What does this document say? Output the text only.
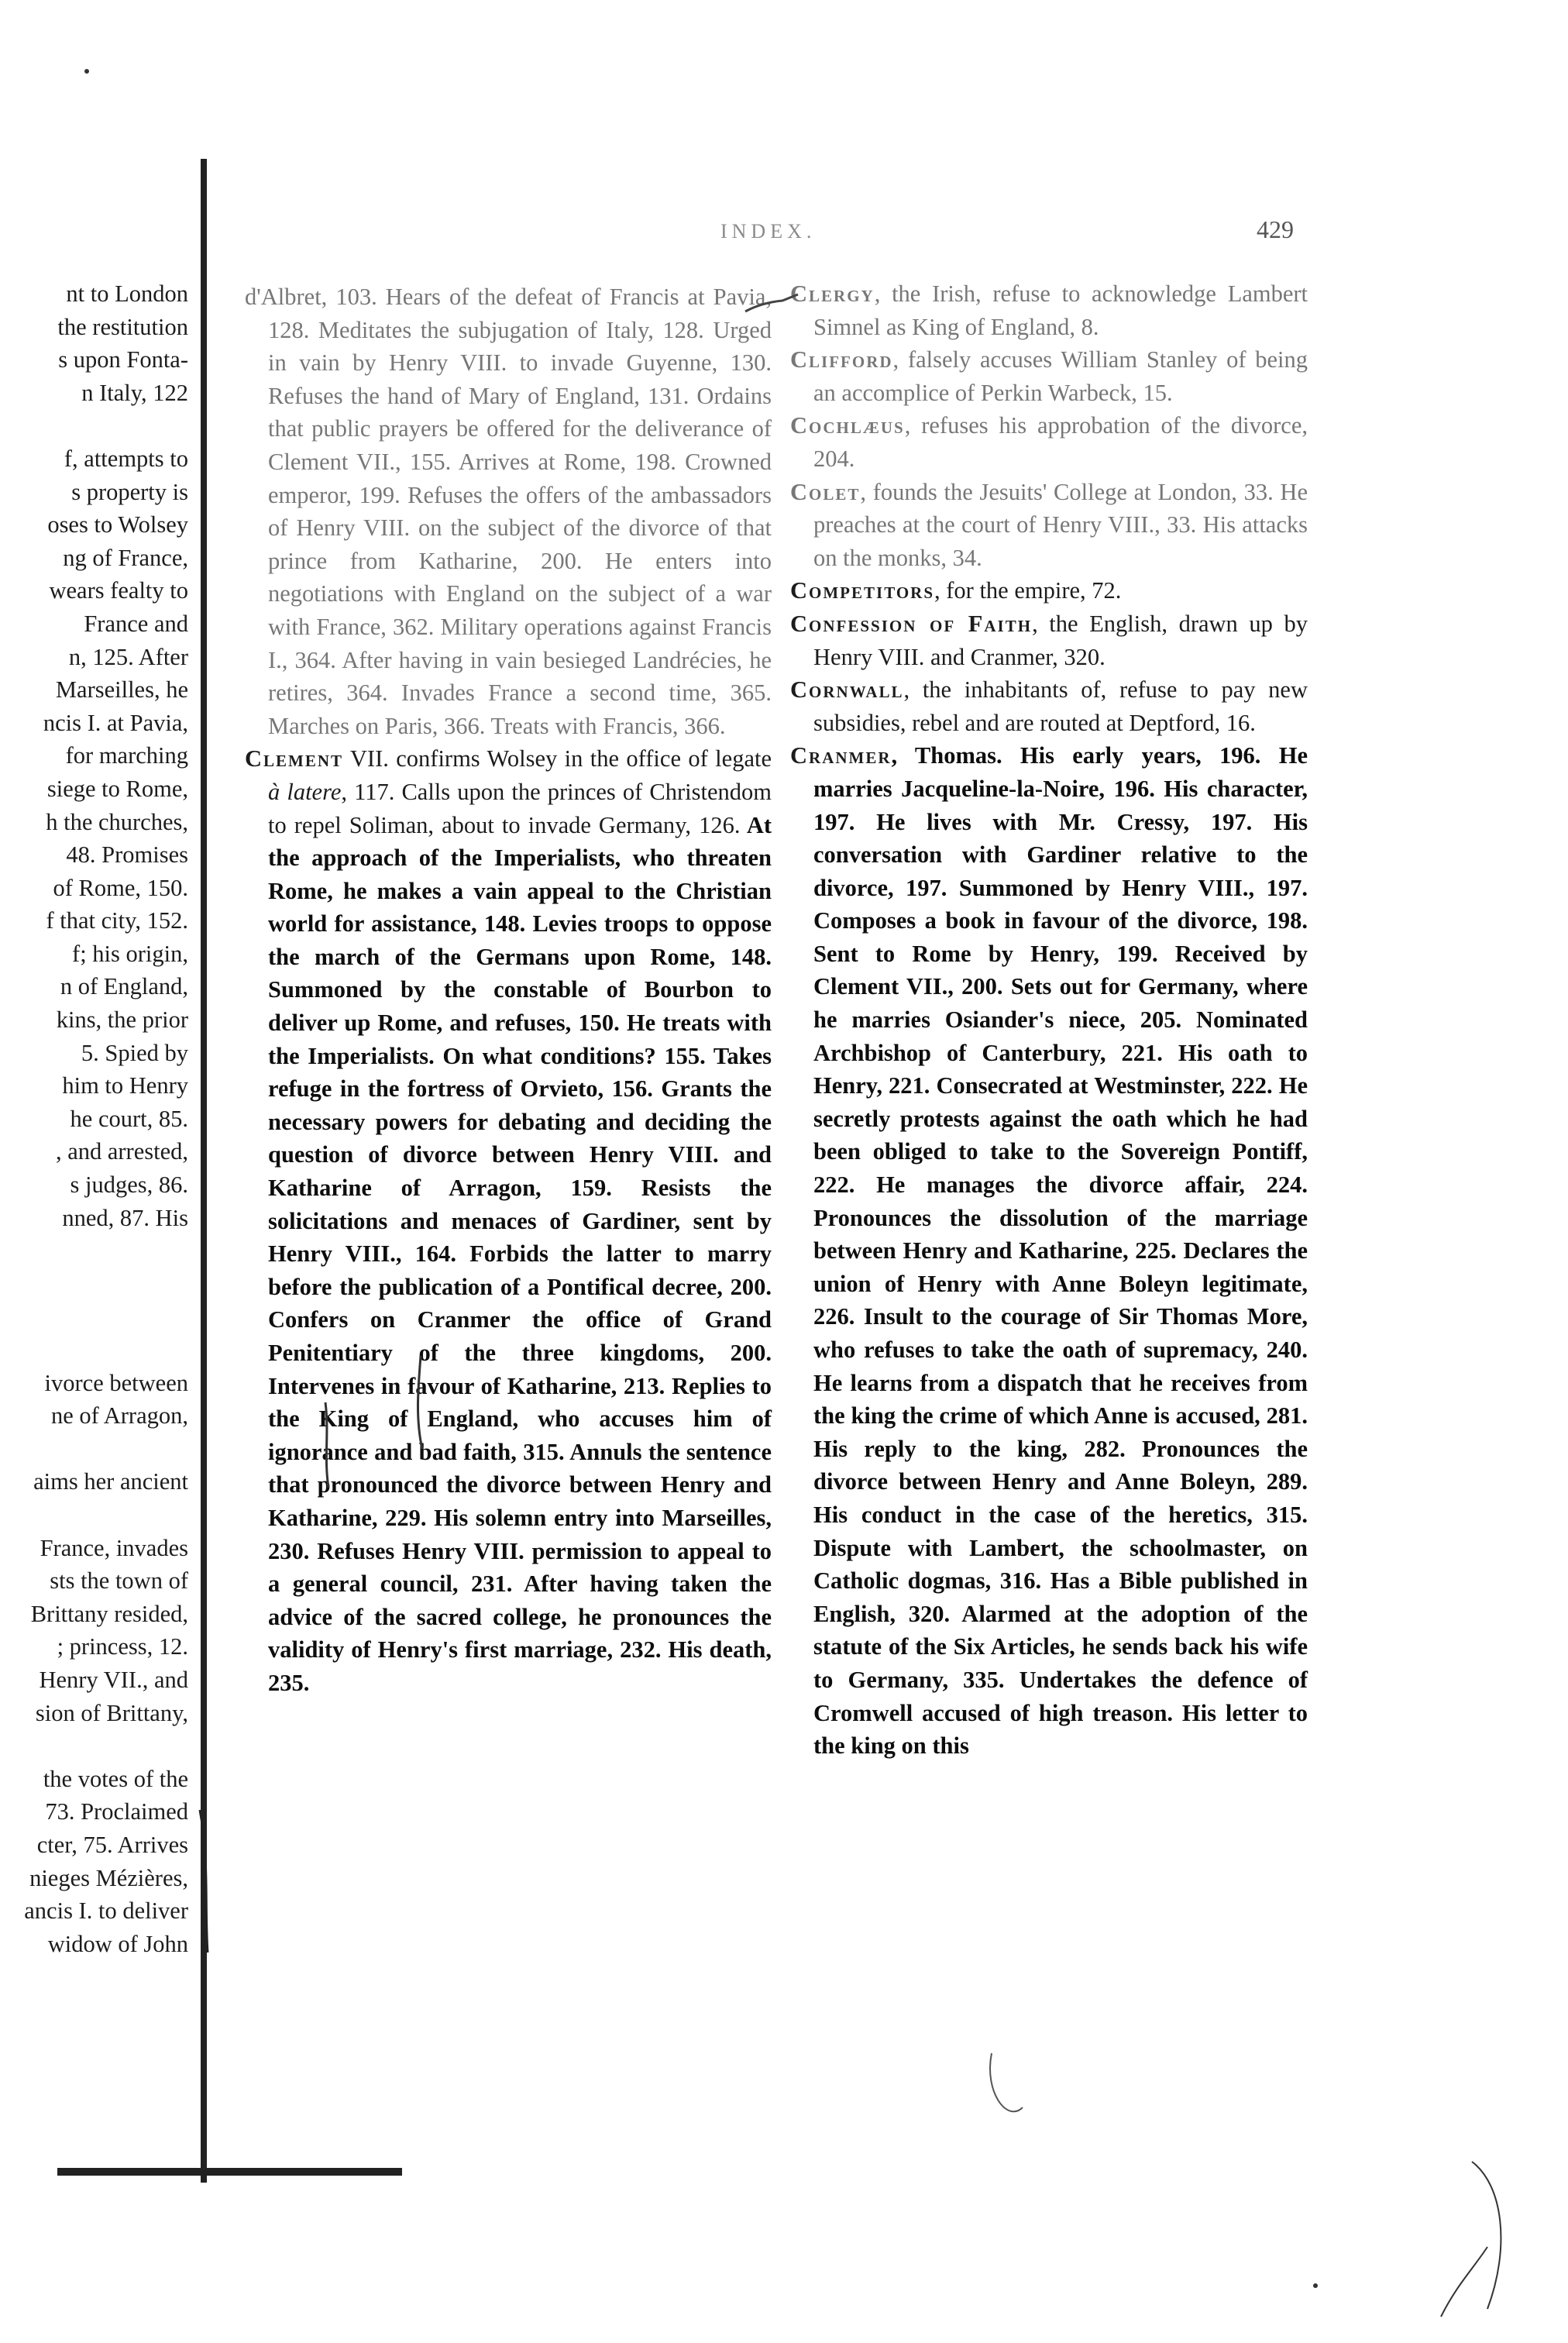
INDEX.	429
nt to London
the restitution
s upon Fonta-
n Italy, 122
f, attempts to
s property is
oses to Wolsey
ng of France,
wears fealty to
France and
n, 125. After
Marseilles, he
ncis I. at Pavia,
for marching
siege to Rome,
h the churches,
48. Promises
of Rome, 150.
f that city, 152.
f; his origin,
n of England,
kins, the prior
5. Spied by
him to Henry
he court, 85.
, and arrested,
s judges, 86.
nned, 87. His
ivorce between
ne of Arragon,
aims her ancient
France, invades
sts the town of
Brittany resided,
; princess, 12.
Henry VII., and
sion of Brittany,
the votes of the
73. Proclaimed
cter, 75. Arrives
nieges Mézières,
ancis I. to deliver
widow of John

d'Albret, 103. Hears of the defeat of Francis at Pavia, 128. Meditates the subjugation of Italy, 128. Urged in vain by Henry VIII. to invade Guyenne, 130. Refuses the hand of Mary of England, 131. Ordains that public prayers be offered for the deliverance of Clement VII., 155. Arrives at Rome, 198. Crowned emperor, 199. Refuses the offers of the ambassadors of Henry VIII. on the subject of the divorce of that prince from Katharine, 200. He enters into negotiations with England on the subject of a war with France, 362. Military operations against Francis I., 364. After having in vain besieged Landrécies, he retires, 364. Invades France a second time, 365. Marches on Paris, 366. Treats with Francis, 366.

Clement VII. confirms Wolsey in the office of legate à latere, 117. Calls upon the princes of Christendom to repel Soliman, about to invade Germany, 126. At the approach of the Imperialists, who threaten Rome, he makes a vain appeal to the Christian world for assistance, 148. Levies troops to oppose the march of the Germans upon Rome, 148. Summoned by the constable of Bourbon to deliver up Rome, and refuses, 150. He treats with the Imperialists. On what conditions? 155. Takes refuge in the fortress of Orvieto, 156. Grants the necessary powers for debating and deciding the question of divorce between Henry VIII. and Katharine of Arragon, 159. Resists the solicitations and menaces of Gardiner, sent by Henry VIII., 164. Forbids the latter to marry before the publication of a Pontifical decree, 200. Confers on Cranmer the office of Grand Penitentiary of the three kingdoms, 200. Intervenes in favour of Katharine, 213. Replies to the King of England, who accuses him of ignorance and bad faith, 315. Annuls the sentence that pronounced the divorce between Henry and Katharine, 229. His solemn entry into Marseilles, 230. Refuses Henry VIII. permission to appeal to a general council, 231. After having taken the advice of the sacred college, he pronounces the validity of Henry's first marriage, 232. His death, 235.

Clergy, the Irish, refuse to acknowledge Lambert Simnel as King of England, 8.

Clifford, falsely accuses William Stanley of being an accomplice of Perkin Warbeck, 15.

Cochlæus, refuses his approbation of the divorce, 204.

Colet, founds the Jesuits' College at London, 33. He preaches at the court of Henry VIII., 33. His attacks on the monks, 34.

Competitors, for the empire, 72.

Confession of Faith, the English, drawn up by Henry VIII. and Cranmer, 320.

Cornwall, the inhabitants of, refuse to pay new subsidies, rebel and are routed at Deptford, 16.

Cranmer, Thomas. His early years, 196. He marries Jacqueline-la-Noire, 196. His character, 197. He lives with Mr. Cressy, 197. His conversation with Gardiner relative to the divorce, 197. Summoned by Henry VIII., 197. Composes a book in favour of the divorce, 198. Sent to Rome by Henry, 199. Received by Clement VII., 200. Sets out for Germany, where he marries Osiander's niece, 205. Nominated Archbishop of Canterbury, 221. His oath to Henry, 221. Consecrated at Westminster, 222. He secretly protests against the oath which he had been obliged to take to the Sovereign Pontiff, 222. He manages the divorce affair, 224. Pronounces the dissolution of the marriage between Henry and Katharine, 225. Declares the union of Henry with Anne Boleyn legitimate, 226. Insult to the courage of Sir Thomas More, who refuses to take the oath of supremacy, 240. He learns from a dispatch that he receives from the king the crime of which Anne is accused, 281. His reply to the king, 282. Pronounces the divorce between Henry and Anne Boleyn, 289. His conduct in the case of the heretics, 315. Dispute with Lambert, the schoolmaster, on Catholic dogmas, 316. Has a Bible published in English, 320. Alarmed at the adoption of the statute of the Six Articles, he sends back his wife to Germany, 335. Undertakes the defence of Cromwell accused of high treason. His letter to the king on this
